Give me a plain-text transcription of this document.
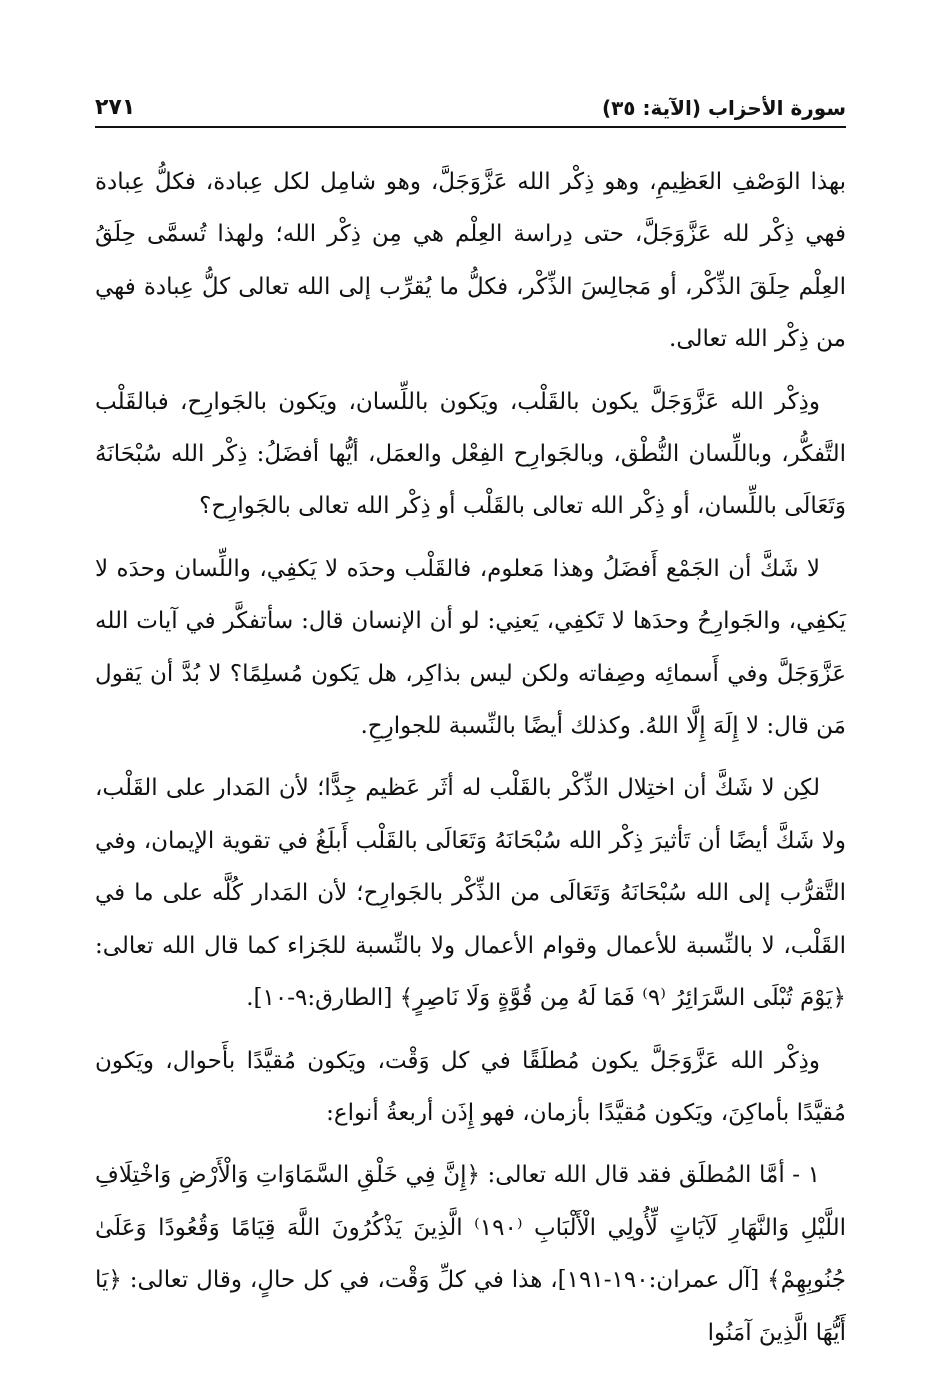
سورة الأحزاب (الآية: ٣٥)
٢٧١

بهذا الوَصْفِ العَظِيمِ، وهو ذِكْر الله عَزَّوَجَلَّ، وهو شامِل لكل عِبادة، فكلُّ عِبادة فهي ذِكْر لله عَزَّوَجَلَّ، حتى دِراسة العِلْم هي مِن ذِكْر الله؛ ولهذا تُسمَّى حِلَقُ العِلْم حِلَقَ الذِّكْر، أو مَجالِسَ الذِّكْر، فكلُّ ما يُقرِّب إلى الله تعالى كلُّ عِبادة فهي من ذِكْر الله تعالى.

وذِكْر الله عَزَّوَجَلَّ يكون بالقَلْب، ويَكون باللِّسان، ويَكون بالجَوارِح، فبالقَلْب التَّفكُّر، وباللِّسان النُّطْق، وبالجَوارِح الفِعْل والعمَل، أيُّها أفضَلُ: ذِكْر الله سُبْحَانَهُ وَتَعَالَى باللِّسان، أو ذِكْر الله تعالى بالقَلْب أو ذِكْر الله تعالى بالجَوارِح؟

لا شَكَّ أن الجَمْع أَفضَلُ وهذا مَعلوم، فالقَلْب وحدَه لا يَكفِي، واللِّسان وحدَه لا يَكفِي، والجَوارِحُ وحدَها لا تَكفِي، يَعنِي: لو أن الإنسان قال: سأتفكَّر في آيات الله عَزَّوَجَلَّ وفي أَسمائِه وصِفاته ولكن ليس بذاكِر، هل يَكون مُسلِمًا؟ لا بُدَّ أن يَقول مَن قال: لا إِلَهَ إِلَّا اللهُ. وكذلك أيضًا بالنِّسبة للجوارِحِ.

لكِن لا شَكَّ أن اختِلال الذِّكْر بالقَلْب له أثَر عَظيم جِدًّا؛ لأن المَدار على القَلْب، ولا شَكَّ أيضًا أن تَأثيرَ ذِكْر الله سُبْحَانَهُ وَتَعَالَى بالقَلْب أَبلَغُ في تقوية الإيمان، وفي التَّقرُّب إلى الله سُبْحَانَهُ وَتَعَالَى من الذِّكْر بالجَوارِح؛ لأن المَدار كُلَّه على ما في القَلْب، لا بالنِّسبة للأعمال وقوام الأعمال ولا بالنِّسبة للجَزاء كما قال الله تعالى: ﴿يَوْمَ تُبْلَى السَّرَائِرُ ⁽٩⁾ فَمَا لَهُ مِن قُوَّةٍ وَلَا نَاصِرٍ﴾ [الطارق:٩-١٠].

وذِكْر الله عَزَّوَجَلَّ يكون مُطلَقًا في كل وَقْت، ويَكون مُقيَّدًا بأَحوال، ويَكون مُقيَّدًا بأماكِنَ، ويَكون مُقيَّدًا بأزمان، فهو إِذَن أربعةُ أنواع:

١ - أمَّا المُطلَق فقد قال الله تعالى: ﴿إِنَّ فِي خَلْقِ السَّمَاوَاتِ وَالْأَرْضِ وَاخْتِلَافِ اللَّيْلِ وَالنَّهَارِ لَآيَاتٍ لِّأُولِي الْأَلْبَابِ ⁽١٩٠⁾ الَّذِينَ يَذْكُرُونَ اللَّهَ قِيَامًا وَقُعُودًا وَعَلَىٰ جُنُوبِهِمْ﴾ [آل عمران:١٩٠-١٩١]، هذا في كلِّ وَقْت، في كل حالٍ، وقال تعالى: ﴿يَا أَيُّهَا الَّذِينَ آمَنُوا
